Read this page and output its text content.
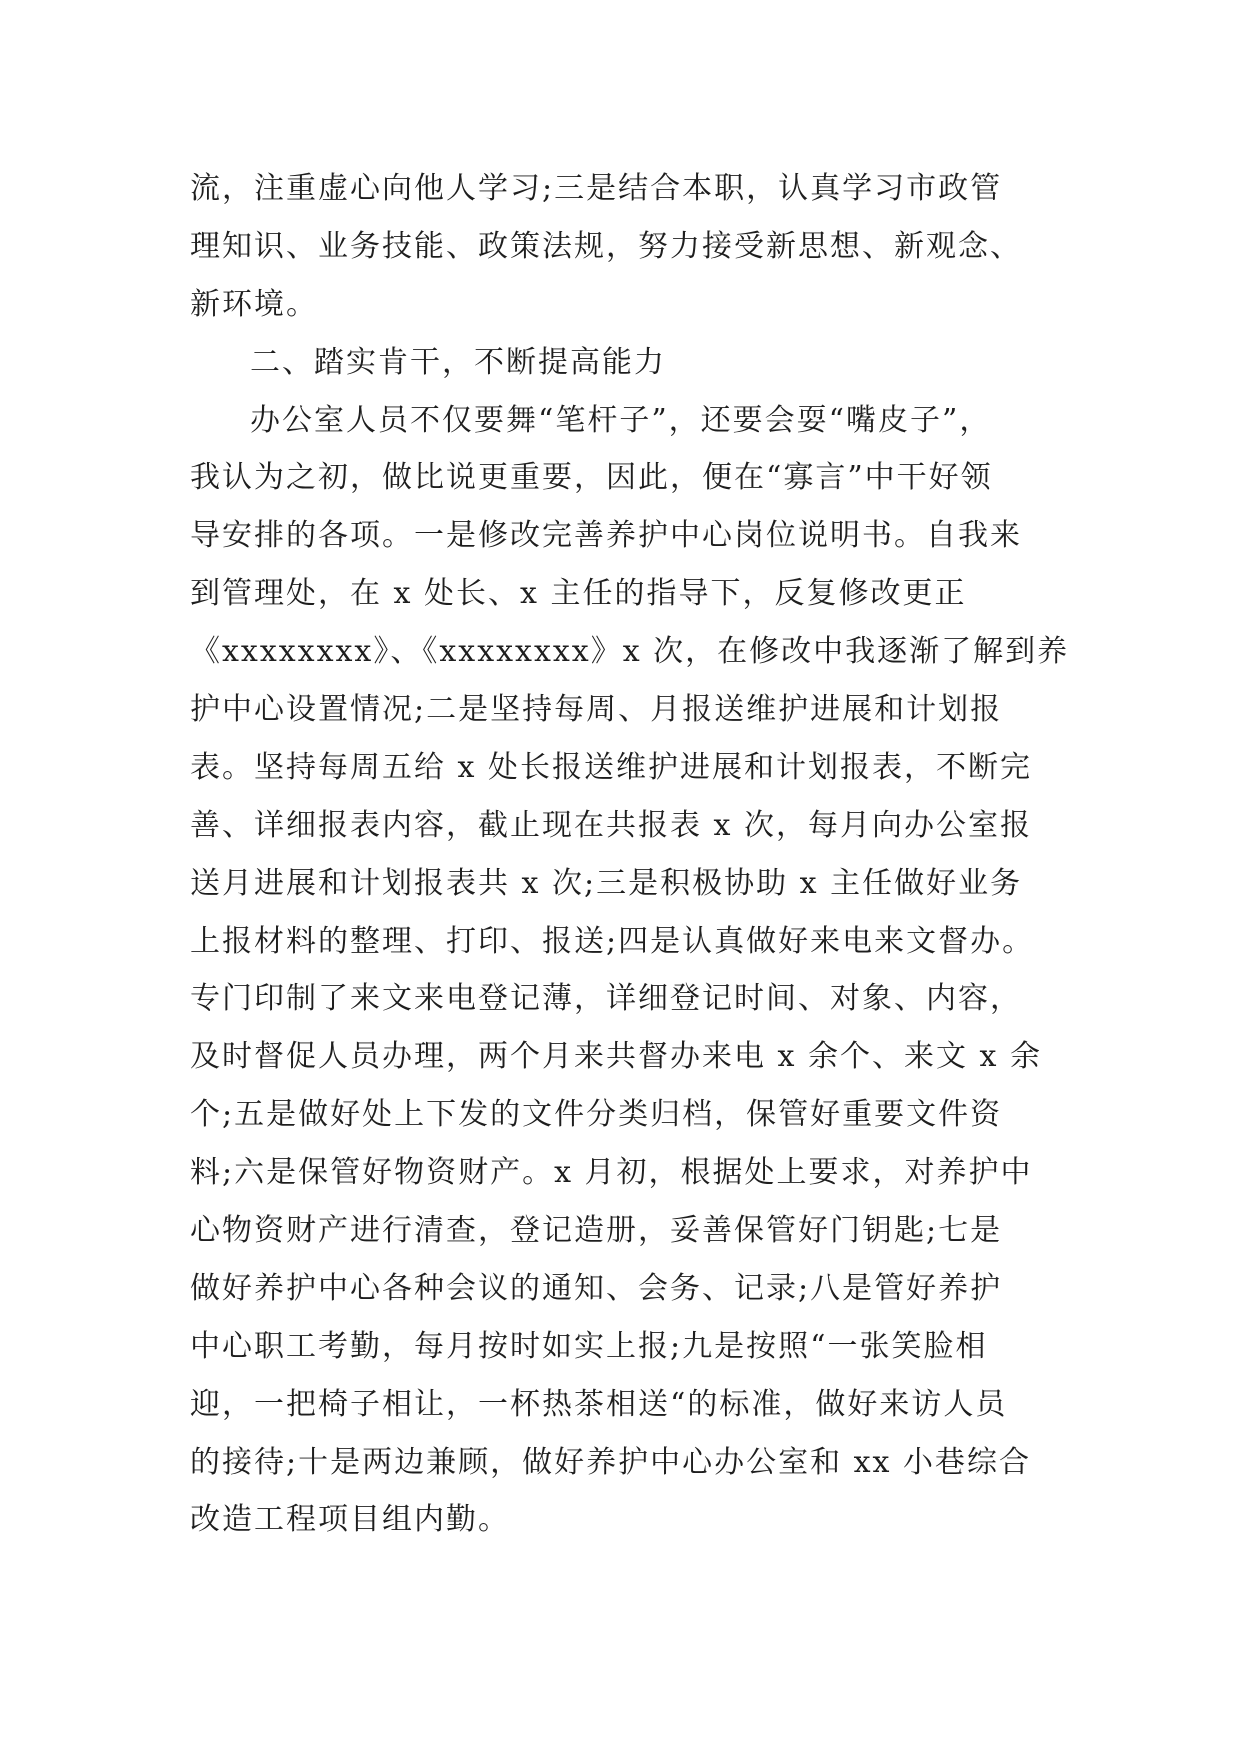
流，注重虚心向他人学习;三是结合本职，认真学习市政管
理知识、业务技能、政策法规，努力接受新思想、新观念、
新环境。
二、踏实肯干，不断提高能力
办公室人员不仅要舞“笔杆子”，还要会耍“嘴皮子”，
我认为之初，做比说更重要，因此，便在“寡言”中干好领
导安排的各项。一是修改完善养护中心岗位说明书。自我来
到管理处，在 x 处长、x 主任的指导下，反复修改更正
《xxxxxxxx》、《xxxxxxxx》x 次，在修改中我逐渐了解到养
护中心设置情况;二是坚持每周、月报送维护进展和计划报
表。坚持每周五给 x 处长报送维护进展和计划报表，不断完
善、详细报表内容，截止现在共报表 x 次，每月向办公室报
送月进展和计划报表共 x 次;三是积极协助 x 主任做好业务
上报材料的整理、打印、报送;四是认真做好来电来文督办。
专门印制了来文来电登记薄，详细登记时间、对象、内容，
及时督促人员办理，两个月来共督办来电 x 余个、来文 x 余
个;五是做好处上下发的文件分类归档，保管好重要文件资
料;六是保管好物资财产。x 月初，根据处上要求，对养护中
心物资财产进行清查，登记造册，妥善保管好门钥匙;七是
做好养护中心各种会议的通知、会务、记录;八是管好养护
中心职工考勤，每月按时如实上报;九是按照“一张笑脸相
迎，一把椅子相让，一杯热茶相送“的标准，做好来访人员
的接待;十是两边兼顾，做好养护中心办公室和 xx 小巷综合
改造工程项目组内勤。
